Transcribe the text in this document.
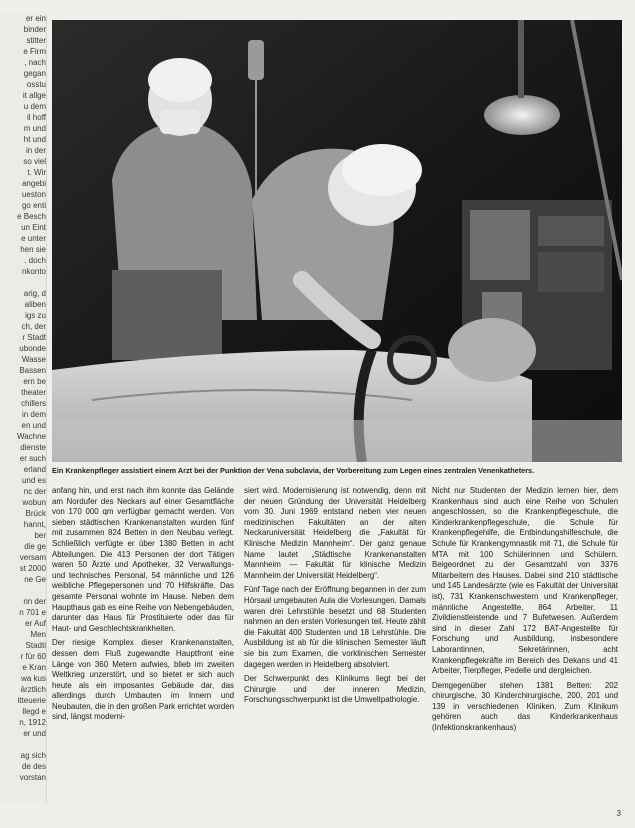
er ein
binder
stitter
e Firm
, nach
gegan
osstu
it allge
u dem
il hoff
m und
ht und
in der
so viel
t. Wir
angebi
ueston
go enti
e Besch
un Eint
e unter
hen sie
. doch
nkonto
arig, d
aliben
igs zu
ch, der
r Stadt
ubonde
Wasse
Bassen
ern be
theater
chillers
in dem
en und
Wachne
dienste
er such
erland
und es
nc der
wobun
Brück
hannt,
ber
die ge
versam
st 2000
ne Ge
nn der
n 701 e
er Auf
Men
Stadti
r für 60
e Kran
wa kus
ärztlich
itteuerie
llegd e
n, 1912
er und
ag sich
de des
vorstan
Ein Krankenpfleger assistiert einem Arzt bei der Punktion der Vena subclavia, der Vorbereitung zum Legen eines zentralen Venenkatheters.

anfang hin, und erst nach ihm konnte das Gelände am Nordufer des Neckars auf einer Gesamtfläche von 170 000 qm verfügbar gemacht werden. Von sieben städtischen Krankenanstalten wurden fünf mit zusammen 824 Betten in den Neubau verlegt. Schließlich verfügte er über 1380 Betten in acht Abteilungen. Die 413 Personen der dort Tätigen waren 50 Ärzte und Apotheker, 32 Verwaltungs- und technisches Personal, 54 männliche und 126 weibliche Pflegepersonen und 70 Hilfskräfte. Das gesamte Personal wohnte im Hause. Neben dem Haupthaus gab es eine Reihe von Nebengebäuden, darunter das Haus für Prostituierte oder das für Haut- und Geschlechtskrankheiten.

Der riesige Komplex dieser Krankenanstalten, dessen dem Fluß zugewandte Hauptfront eine Länge von 360 Metern aufwies, blieb im zweiten Weltkrieg unzerstört, und so bietet er sich auch heute als ein imposantes Gebäude dar, das allerdings durch Umbauten im Innern und Neubauten, die in den großen Park errichtet worden sind, längst moderni-

siert wird. Modernisierung ist notwendig, denn mit der neuen Gründung der Universität Heidelberg vom 30. Juni 1969 entstand neben vier neuen medizinischen Fakultäten an der alten Neckaruniversität Heidelberg die „Fakultät für Klinische Medizin Mannheim“. Der ganz genaue Name lautet „Städtische Krankenanstalten Mannheim — Fakultät für klinische Medizin Mannheim der Universität Heidelberg“.

Fünf Tage nach der Eröffnung begannen in der zum Hörsaal umgebauten Aula die Vorlesungen. Damals waren drei Lehrstühle besetzt und 68 Studenten nahmen an den ersten Vorlesungen teil. Heute zählt die Fakultät 400 Studenten und 18 Lehrstühle. Die Ausbildung ist ab für die klinischen Semester läuft sie bis zum Examen, die vorklinischen Semester dagegen werden in Heidelberg absolviert.

Der Schwerpunkt des Klinikums liegt bei der Chirurgie und der inneren Medizin, Forschungsschwerpunkt ist die Umweltpathologie.

Nicht nur Studenten der Medizin lernen hier, dem Krankenhaus sind auch eine Reihe von Schulen angeschlossen, so die Krankenpflegeschule, die Kinderkrankenpflegeschule, die Schule für Krankenpflegehilfe, die Entbindungshilfeschule, die Schule für Krankengymnastik mit 71, die Schule für MTA mit 100 Schülerinnen und Schülern. Beigeordnet zu der Gesamtzahl von 3376 Mitarbeitern des Hauses. Dabei sind 210 städtische und 145 Landesärzte (wie es Fakultät der Universität ist), 731 Krankenschwestern und Krankenpfleger, männliche Angestellte, 864 Arbeiter, 11 Zivildienstleistende und 7 Bufetwesen. Außerdem sind in dieser Zahl 172 BAT-Angestellte für Forschung und Ausbildung, insbesondere Laborantinnen, Sekretärinnen, acht Krankenpflegekräfte im Bereich des Dekans und 41 Arbeiter, Tierpfleger, Pedelle und dergleichen.

Demgegenüber stehen 1381 Betten: 202 chirurgische, 30 Kinderchirurgische, 200, 201 und 139 in verschiedenen Kliniken. Zum Klinikum gehören auch das Kinderkrankenhaus (Infektionskrankenhaus)

3
